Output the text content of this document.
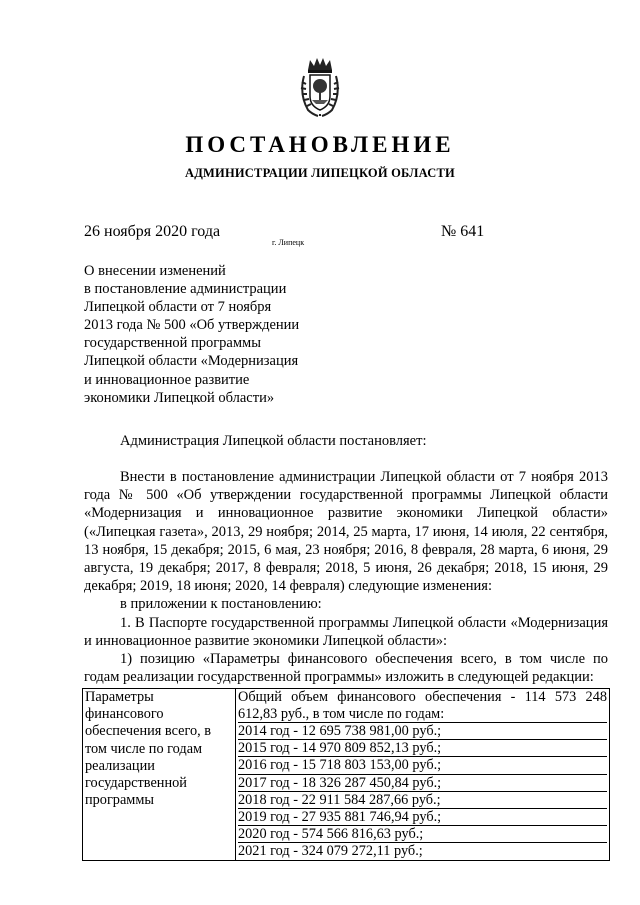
ПОСТАНОВЛЕНИЕ
АДМИНИСТРАЦИИ ЛИПЕЦКОЙ ОБЛАСТИ
26 ноября 2020 года
г. Липецк
№ 641
О внесении изменений
в постановление администрации
Липецкой области от 7 ноября
2013 года № 500 «Об утверждении
государственной программы
Липецкой области «Модернизация
и инновационное развитие
экономики Липецкой области»

Администрация Липецкой области постановляет:

Внести в постановление администрации Липецкой области от 7 ноября 2013 года № 500 «Об утверждении государственной программы Липецкой области «Модернизация и инновационное развитие экономики Липецкой области» («Липецкая газета», 2013, 29 ноября; 2014, 25 марта, 17 июня, 14 июля, 22 сентября, 13 ноября, 15 декабря; 2015, 6 мая, 23 ноября; 2016, 8 февраля, 28 марта, 6 июня, 29 августа, 19 декабря; 2017, 8 февраля; 2018, 5 июня, 26 декабря; 2018, 15 июня, 29 декабря; 2019, 18 июня; 2020, 14 февраля) следующие изменения:

в приложении к постановлению:

1. В Паспорте государственной программы Липецкой области «Модернизация и инновационное развитие экономики Липецкой области»:

1) позицию «Параметры финансового обеспечения всего, в том числе по годам реализации государственной программы» изложить в следующей редакции:

Параметры финансового обеспечения всего, в том числе по годам реализации государственной программы	
Общий объем финансового обеспечения - 114 573 248 612,83 руб., в том числе по годам:
2014 год - 12 695 738 981,00 руб.;
2015 год - 14 970 809 852,13 руб.;
2016 год - 15 718 803 153,00 руб.;
2017 год - 18 326 287 450,84 руб.;
2018 год - 22 911 584 287,66 руб.;
2019 год - 27 935 881 746,94 руб.;
2020 год - 574 566 816,63 руб.;
2021 год - 324 079 272,11 руб.;
